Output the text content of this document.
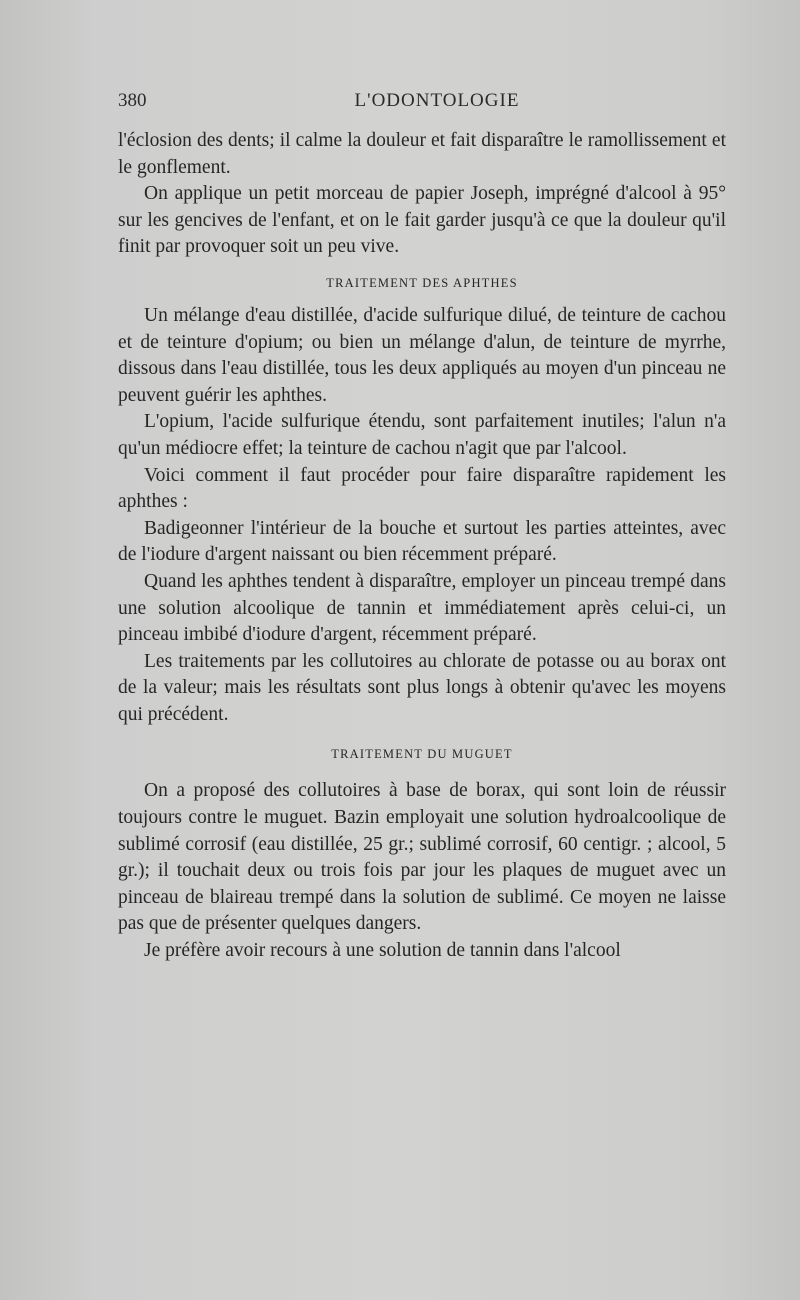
380	L'ODONTOLOGIE

l'éclosion des dents; il calme la douleur et fait disparaître le ramollissement et le gonflement.

On applique un petit morceau de papier Joseph, imprégné d'alcool à 95° sur les gencives de l'enfant, et on le fait garder jusqu'à ce que la douleur qu'il finit par provoquer soit un peu vive.

TRAITEMENT DES APHTHES

Un mélange d'eau distillée, d'acide sulfurique dilué, de teinture de cachou et de teinture d'opium; ou bien un mélange d'alun, de teinture de myrrhe, dissous dans l'eau distillée, tous les deux appliqués au moyen d'un pinceau ne peuvent guérir les aphthes.

L'opium, l'acide sulfurique étendu, sont parfaitement inutiles; l'alun n'a qu'un médiocre effet; la teinture de cachou n'agit que par l'alcool.

Voici comment il faut procéder pour faire disparaître rapidement les aphthes :

Badigeonner l'intérieur de la bouche et surtout les parties atteintes, avec de l'iodure d'argent naissant ou bien récemment préparé.

Quand les aphthes tendent à disparaître, employer un pinceau trempé dans une solution alcoolique de tannin et immédiatement après celui-ci, un pinceau imbibé d'iodure d'argent, récemment préparé.

Les traitements par les collutoires au chlorate de potasse ou au borax ont de la valeur; mais les résultats sont plus longs à obtenir qu'avec les moyens qui précédent.

TRAITEMENT DU MUGUET

On a proposé des collutoires à base de borax, qui sont loin de réussir toujours contre le muguet. Bazin employait une solution hydroalcoolique de sublimé corrosif (eau distillée, 25 gr.; sublimé corrosif, 60 centigr. ; alcool, 5 gr.); il touchait deux ou trois fois par jour les plaques de muguet avec un pinceau de blaireau trempé dans la solution de sublimé. Ce moyen ne laisse pas que de présenter quelques dangers.

Je préfère avoir recours à une solution de tannin dans l'alcool
